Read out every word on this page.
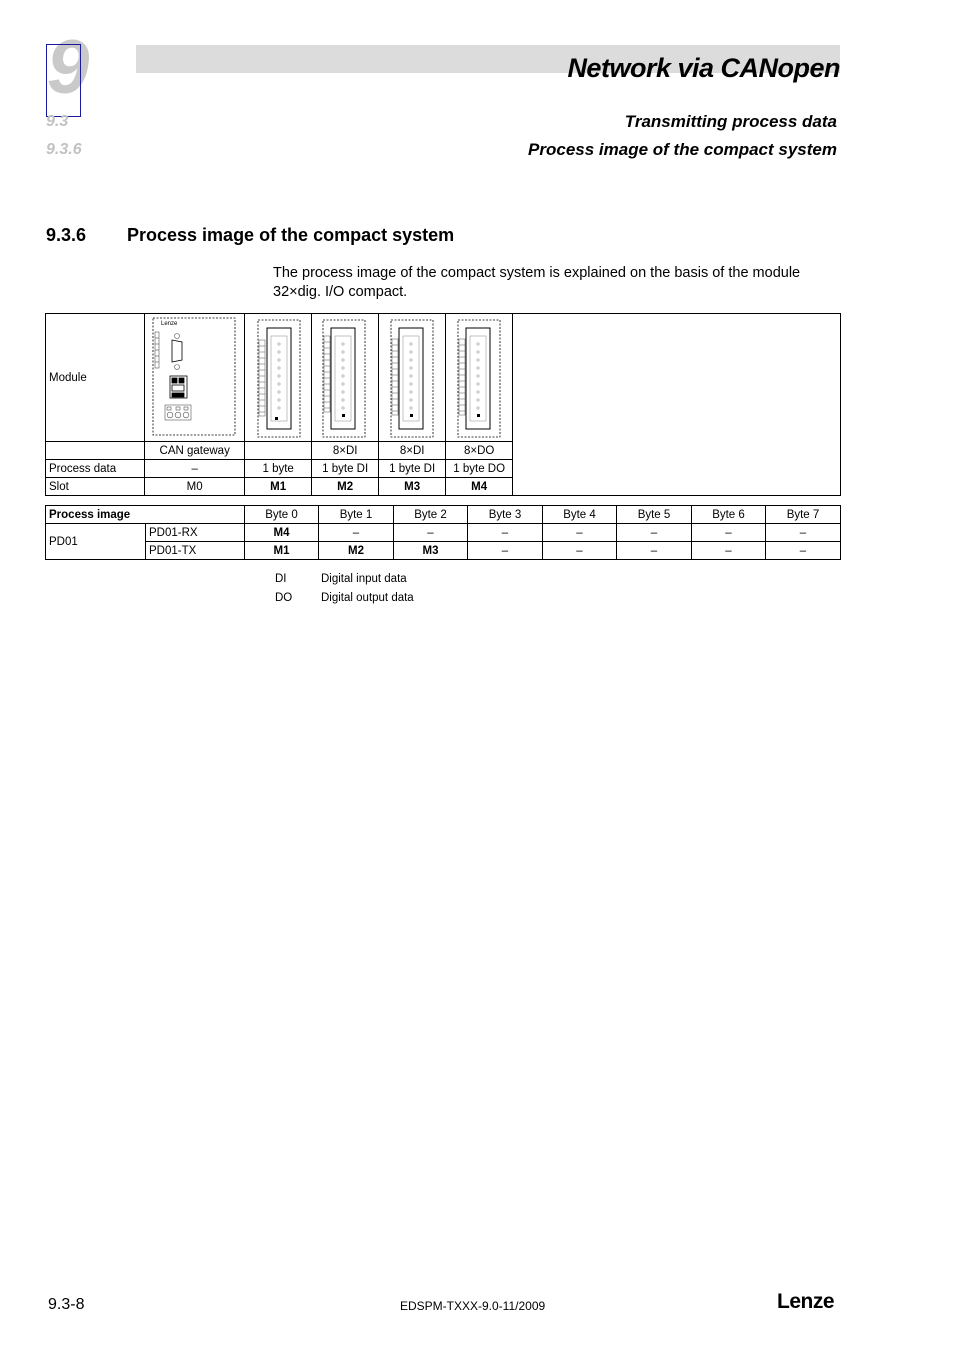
9	Network via CANopen
9.3
9.3.6
Transmitting process data
Process image of the compact system
9.3.6 Process image of the compact system
The process image of the compact system is explained on the basis of the module 32×dig. I/O compact.
Module	Lenze

	CAN gateway		8×DI	8×DI	8×DO	
Process data	–	1 byte	1 byte DI	1 byte DI	1 byte DO	
Slot	M0	M1	M2	M3	M4	
Process image		Byte 0	Byte 1	Byte 2	Byte 3	Byte 4	Byte 5	Byte 6	Byte 7
PD01	PD01-RX	M4	–	–	–	–	–	–	–
	PD01-TX	M1	M2	M3	–	–	–	–	–
DI	Digital input data
DO	Digital output data
9.3-8	EDSPM-TXXX-9.0-11/2009	Lenze
